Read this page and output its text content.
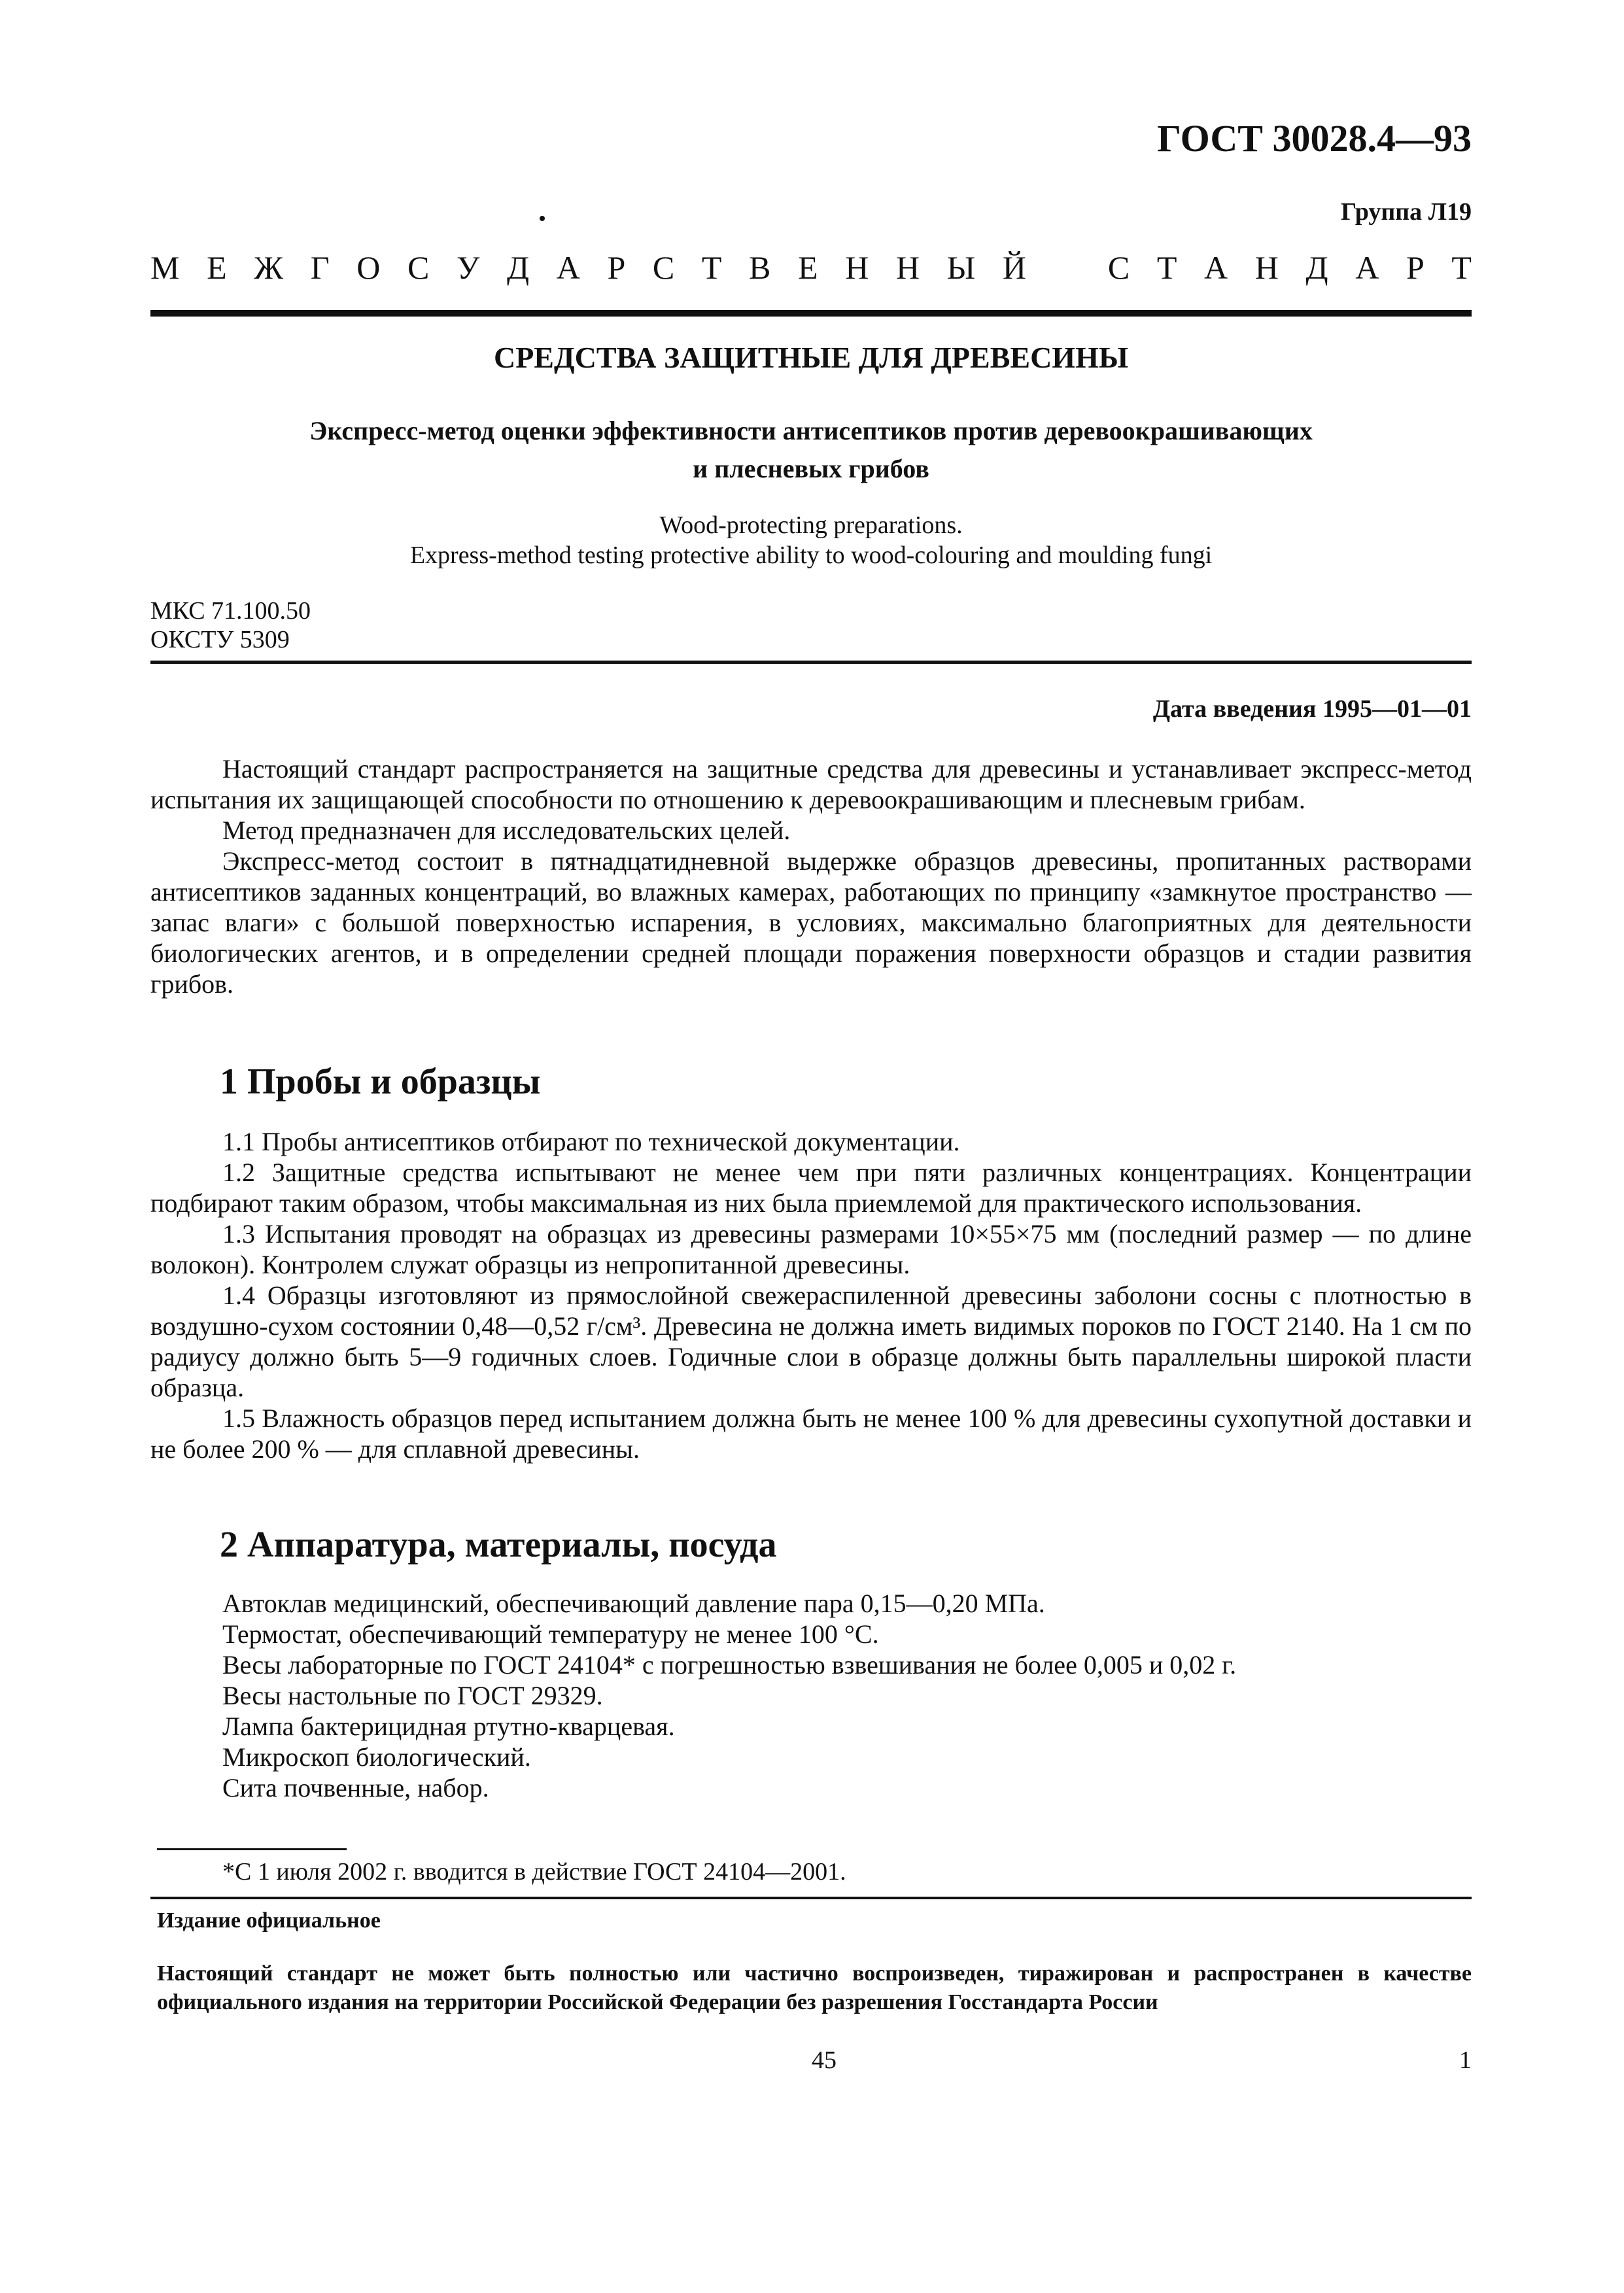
ГОСТ 30028.4—93
Группа Л19
М Е Ж Г О С У Д А Р С Т В Е Н Н Ы Й С Т А Н Д А Р Т
СРЕДСТВА ЗАЩИТНЫЕ ДЛЯ ДРЕВЕСИНЫ
Экспресс-метод оценки эффективности антисептиков против деревоокрашивающих
и плесневых грибов
Wood-protecting preparations.
Express-method testing protective ability to wood-colouring and moulding fungi
МКС 71.100.50
ОКСТУ 5309
Дата введения 1995—01—01

Настоящий стандарт распространяется на защитные средства для древесины и устанавливает экспресс-метод испытания их защищающей способности по отношению к деревоокрашивающим и плесневым грибам.

Метод предназначен для исследовательских целей.

Экспресс-метод состоит в пятнадцатидневной выдержке образцов древесины, пропитанных растворами антисептиков заданных концентраций, во влажных камерах, работающих по принципу «замкнутое пространство — запас влаги» с большой поверхностью испарения, в условиях, максимально благоприятных для деятельности биологических агентов, и в определении средней площади поражения поверхности образцов и стадии развития грибов.

1 Пробы и образцы

1.1 Пробы антисептиков отбирают по технической документации.

1.2 Защитные средства испытывают не менее чем при пяти различных концентрациях. Концентрации подбирают таким образом, чтобы максимальная из них была приемлемой для практического использования.

1.3 Испытания проводят на образцах из древесины размерами 10×55×75 мм (последний размер — по длине волокон). Контролем служат образцы из непропитанной древесины.

1.4 Образцы изготовляют из прямослойной свежераспиленной древесины заболони сосны с плотностью в воздушно-сухом состоянии 0,48—0,52 г/см³. Древесина не должна иметь видимых пороков по ГОСТ 2140. На 1 см по радиусу должно быть 5—9 годичных слоев. Годичные слои в образце должны быть параллельны широкой пласти образца.

1.5 Влажность образцов перед испытанием должна быть не менее 100 % для древесины сухопутной доставки и не более 200 % — для сплавной древесины.

2 Аппаратура, материалы, посуда

Автоклав медицинский, обеспечивающий давление пара 0,15—0,20 МПа.

Термостат, обеспечивающий температуру не менее 100 °С.

Весы лабораторные по ГОСТ 24104* с погрешностью взвешивания не более 0,005 и 0,02 г.

Весы настольные по ГОСТ 29329.

Лампа бактерицидная ртутно-кварцевая.

Микроскоп биологический.

Сита почвенные, набор.

*С 1 июля 2002 г. вводится в действие ГОСТ 24104—2001.
Издание официальное
Настоящий стандарт не может быть полностью или частично воспроизведен, тиражирован и распространен в качестве официального издания на территории Российской Федерации без разрешения Госстандарта России
45	1
